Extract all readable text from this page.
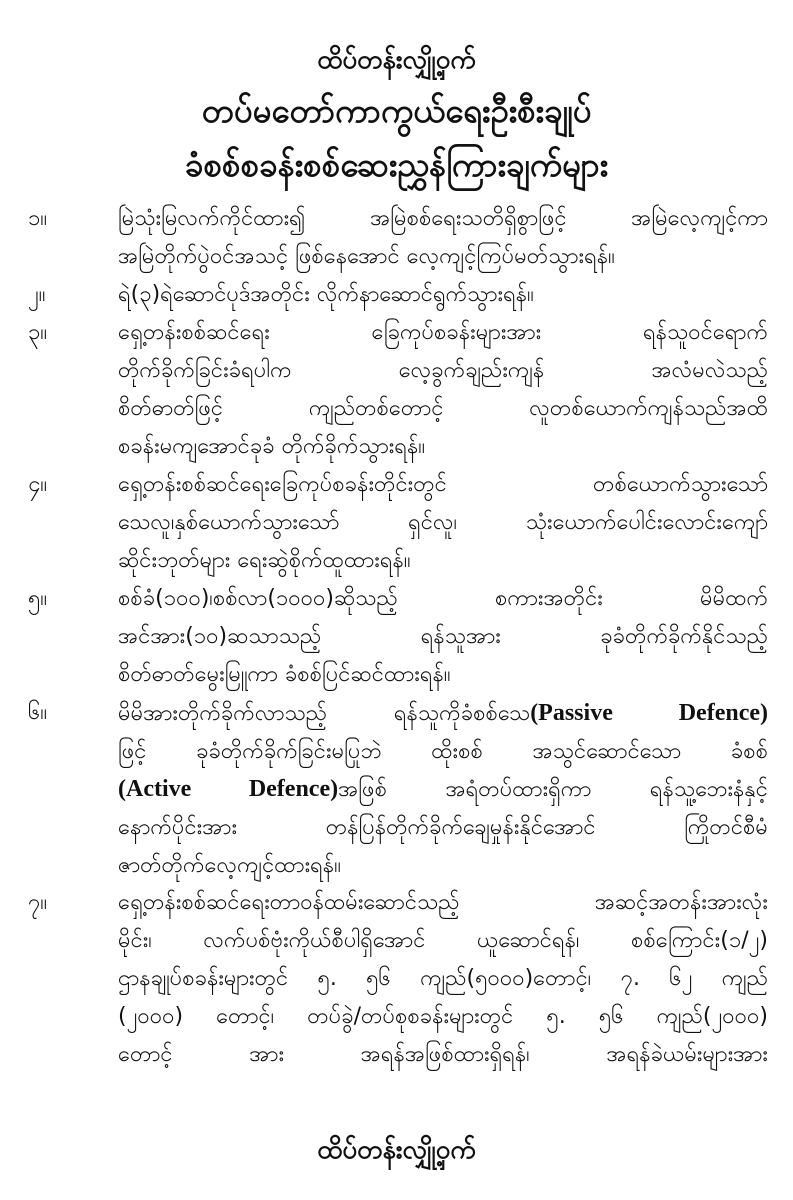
ထိပ်တန်းလျှို့ဝှက်
တပ်မတော်ကာကွယ်ရေးဦးစီးချုပ်
ခံစစ်စခန်းစစ်ဆေးညွှန်ကြားချက်များ
၁။	မြဲသုံးမြလက်ကိုင်ထား၍ အမြဲစစ်ရေးသတိရှိစွာဖြင့် အမြဲလေ့ကျင့်ကာ
အမြဲတိုက်ပွဲဝင်အသင့် ဖြစ်နေအောင် လေ့ကျင့်ကြပ်မတ်သွားရန်။
၂။	ရဲ(၃)ရဲဆောင်ပုဒ်အတိုင်း လိုက်နာဆောင်ရွက်သွားရန်။
၃။	ရှေ့တန်းစစ်ဆင်ရေး ခြေကုပ်စခန်းများအား ရန်သူဝင်ရောက်
တိုက်ခိုက်ခြင်းခံရပါက လေ့ခွက်ချည်းကျန် အလံမလဲသည့်
စိတ်ဓာတ်ဖြင့် ကျည်တစ်တောင့် လူတစ်ယောက်ကျန်သည်အထိ
စခန်းမကျအောင်ခုခံ တိုက်ခိုက်သွားရန်။
၄။	ရှေ့တန်းစစ်ဆင်ရေးခြေကုပ်စခန်းတိုင်းတွင် တစ်ယောက်သွားသော်
သေလူ၊နှစ်ယောက်သွားသော် ရှင်လူ၊ သုံးယောက်ပေါင်းလောင်းကျော်
ဆိုင်းဘုတ်များ ရေးဆွဲစိုက်ထူထားရန်။
၅။	စစ်ခံ(၁၀၀)၊စစ်လာ(၁၀၀၀)ဆိုသည့် စကားအတိုင်း မိမိထက်
အင်အား(၁၀)ဆသာသည့် ရန်သူအား ခုခံတိုက်ခိုက်နိုင်သည့်
စိတ်ဓာတ်မွေးမြူကာ ခံစစ်ပြင်ဆင်ထားရန်။
၆။	မိမိအားတိုက်ခိုက်လာသည့် ရန်သူကိုခံစစ်သေ(Passive Defence)
ဖြင့် ခုခံတိုက်ခိုက်ခြင်းမပြုဘဲ ထိုးစစ် အသွင်ဆောင်သော ခံစစ်
(Active Defence)အဖြစ် အရံတပ်ထားရှိကာ ရန်သူ့ဘေးနံနှင့်
နောက်ပိုင်းအား တန်ပြန်တိုက်ခိုက်ချေမှုန်းနိုင်အောင် ကြိုတင်စီမံ
ဇာတ်တိုက်လေ့ကျင့်ထားရန်။
၇။	ရှေ့တန်းစစ်ဆင်ရေးတာဝန်ထမ်းဆောင်သည့် အဆင့်အတန်းအားလုံး
မိုင်း၊ လက်ပစ်ဗုံးကိုယ်စီပါရှိအောင် ယူဆောင်ရန်၊ စစ်ကြောင်း(၁/၂)
ဌာနချုပ်စခန်းများတွင် ၅. ၅၆ ကျည်(၅၀၀၀)တောင့်၊ ၇. ၆၂ ကျည်
(၂၀၀၀) တောင့်၊ တပ်ခွဲ/တပ်စုစခန်းများတွင် ၅. ၅၆ ကျည်(၂၀၀၀)
တောင့် အား အရန်အဖြစ်ထားရှိရန်၊ အရန်ခဲယမ်းများအား
ထိပ်တန်းလျှို့ဝှက်
